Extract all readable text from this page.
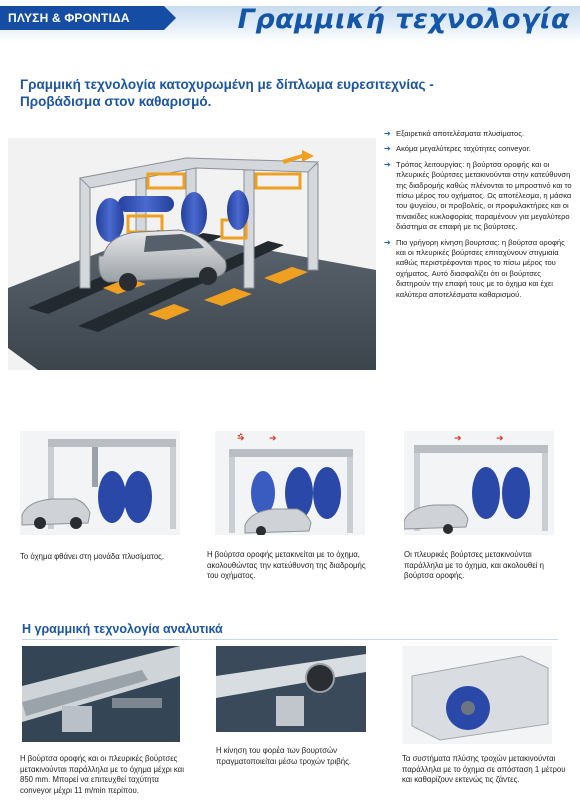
ΠΛΥΣΗ & ΦΡΟΝΤΙΔΑ	Γραμμική τεχνολογία
Γραμμική τεχνολογία κατοχυρωμένη με δίπλωμα ευρεσιτεχνίας - Προβάδισμα στον καθαρισμό.
➔ Εξαιρετικά αποτελέσματα πλυσίματος.
➔ Ακόμα μεγαλύτερες ταχύτητες conveyor.
➔ Τρόπος λειτουργίας: η βούρτσα οροφής και οι πλευρικές βούρτσες μετακινούνται στην κατεύθυνση της διαδρομής καθώς πλένονται το μπροστινό και το πίσω μέρος του οχήματος. Ως αποτέλεσμα, η μάσκα του ψυγείου, οι προβολείς, οι προφυλακτήρες και οι πινακίδες κυκλοφορίας παραμένουν για μεγαλύτερο διάστημα σε επαφή με τις βούρτσες.
➔ Πιο γρήγορη κίνηση βουρτσας: η βούρτσα οροφής και οι πλευρικές βούρτσες επιταχύνουν στιγμιαία καθώς περιστρέφονται προς το πίσω μέρος του οχήματος. Αυτό διασφαλίζει ότι οι βούρτσες διατηρούν την επαφή τους με το όχημα και έχει καλύτερα αποτελέσματα καθαρισμού.
➜	➜	➜	➜
Το όχημα φθάνει στη μονάδα πλυσίματος.	Η βούρτσα οροφής μετακινείται με το όχημα, ακολουθώντας την κατεύθυνση της διαδρομής του οχήματος.
Οι πλευρικές βούρτσες μετακινούνται παράλληλα με το όχημα, και ακολουθεί η βούρτσα οροφής.
Η γραμμική τεχνολογία αναλυτικά
Η βούρτσα οροφής και οι πλευρικές βούρτσες μετακινούνται παράλληλα με το όχημα μέχρι και 850 mm. Μπορεί να επιτευχθεί ταχύτητα conveyor μέχρι 11 m/min περίπου.
Η κίνηση του φορέα των βουρτσών πραγματοποιείται μέσω τροχών τριβής.	Τα συστήματα πλύσης τροχών μετακινούνται παράλληλα με το όχημα σε απόσταση 1 μέτρου και καθαρίζουν εκτενώς τις ζάντες.
